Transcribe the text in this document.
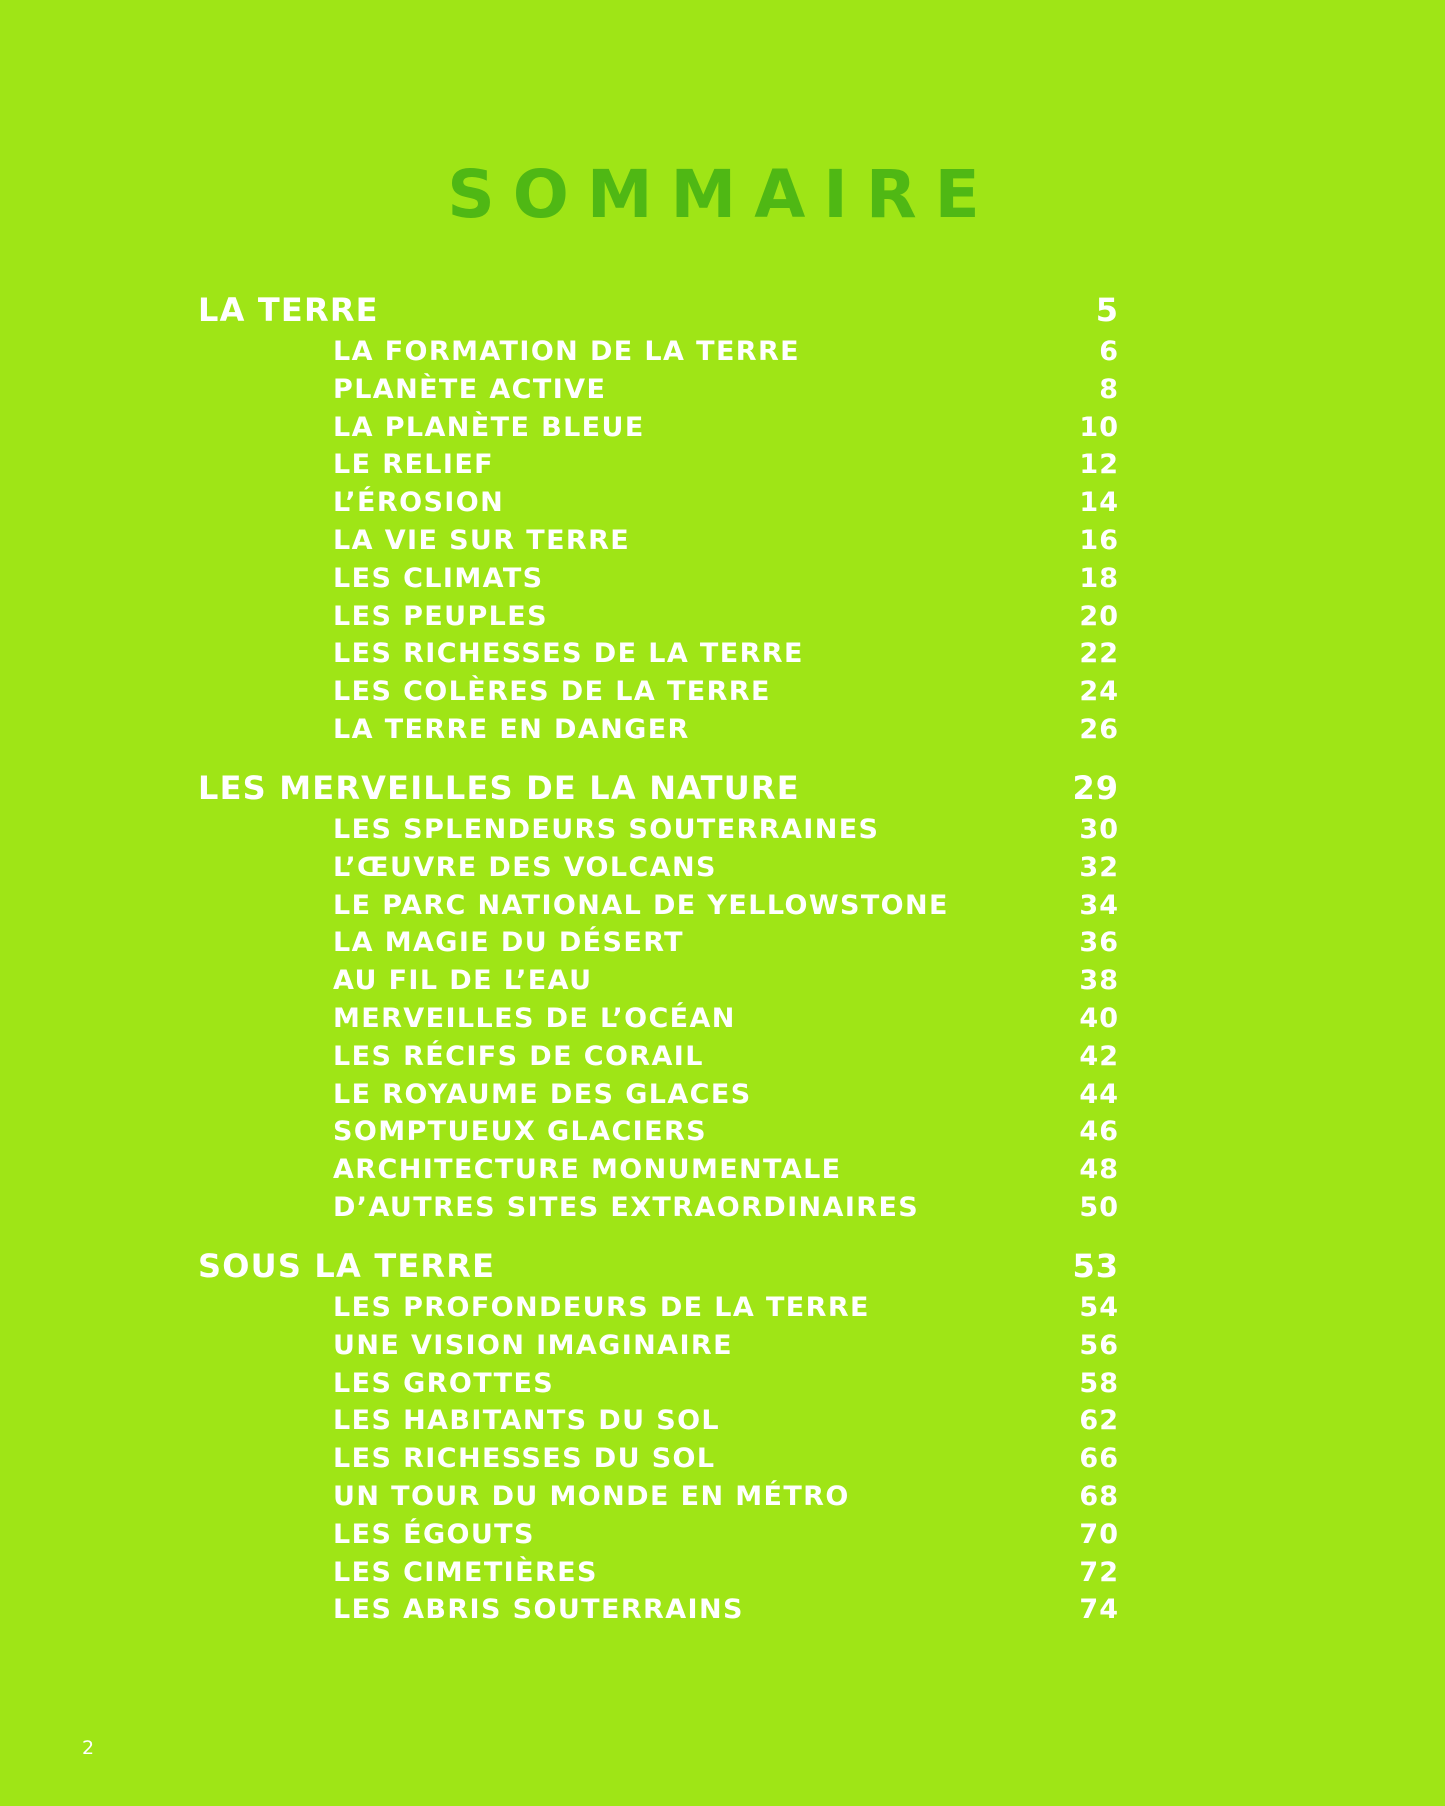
SOMMAIRE
LA TERRE	5
LA FORMATION DE LA TERRE	6
PLANÈTE ACTIVE	8
LA PLANÈTE BLEUE	10
LE RELIEF	12
L’ÉROSION	14
LA VIE SUR TERRE	16
LES CLIMATS	18
LES PEUPLES	20
LES RICHESSES DE LA TERRE	22
LES COLÈRES DE LA TERRE	24
LA TERRE EN DANGER	26
LES MERVEILLES DE LA NATURE	29
LES SPLENDEURS SOUTERRAINES	30
L’ŒUVRE DES VOLCANS	32
LE PARC NATIONAL DE YELLOWSTONE	34
LA MAGIE DU DÉSERT	36
AU FIL DE L’EAU	38
MERVEILLES DE L’OCÉAN	40
LES RÉCIFS DE CORAIL	42
LE ROYAUME DES GLACES	44
SOMPTUEUX GLACIERS	46
ARCHITECTURE MONUMENTALE	48
D’AUTRES SITES EXTRAORDINAIRES	50
SOUS LA TERRE	53
LES PROFONDEURS DE LA TERRE	54
UNE VISION IMAGINAIRE	56
LES GROTTES	58
LES HABITANTS DU SOL	62
LES RICHESSES DU SOL	66
UN TOUR DU MONDE EN MÉTRO	68
LES ÉGOUTS	70
LES CIMETIÈRES	72
LES ABRIS SOUTERRAINS	74
2
